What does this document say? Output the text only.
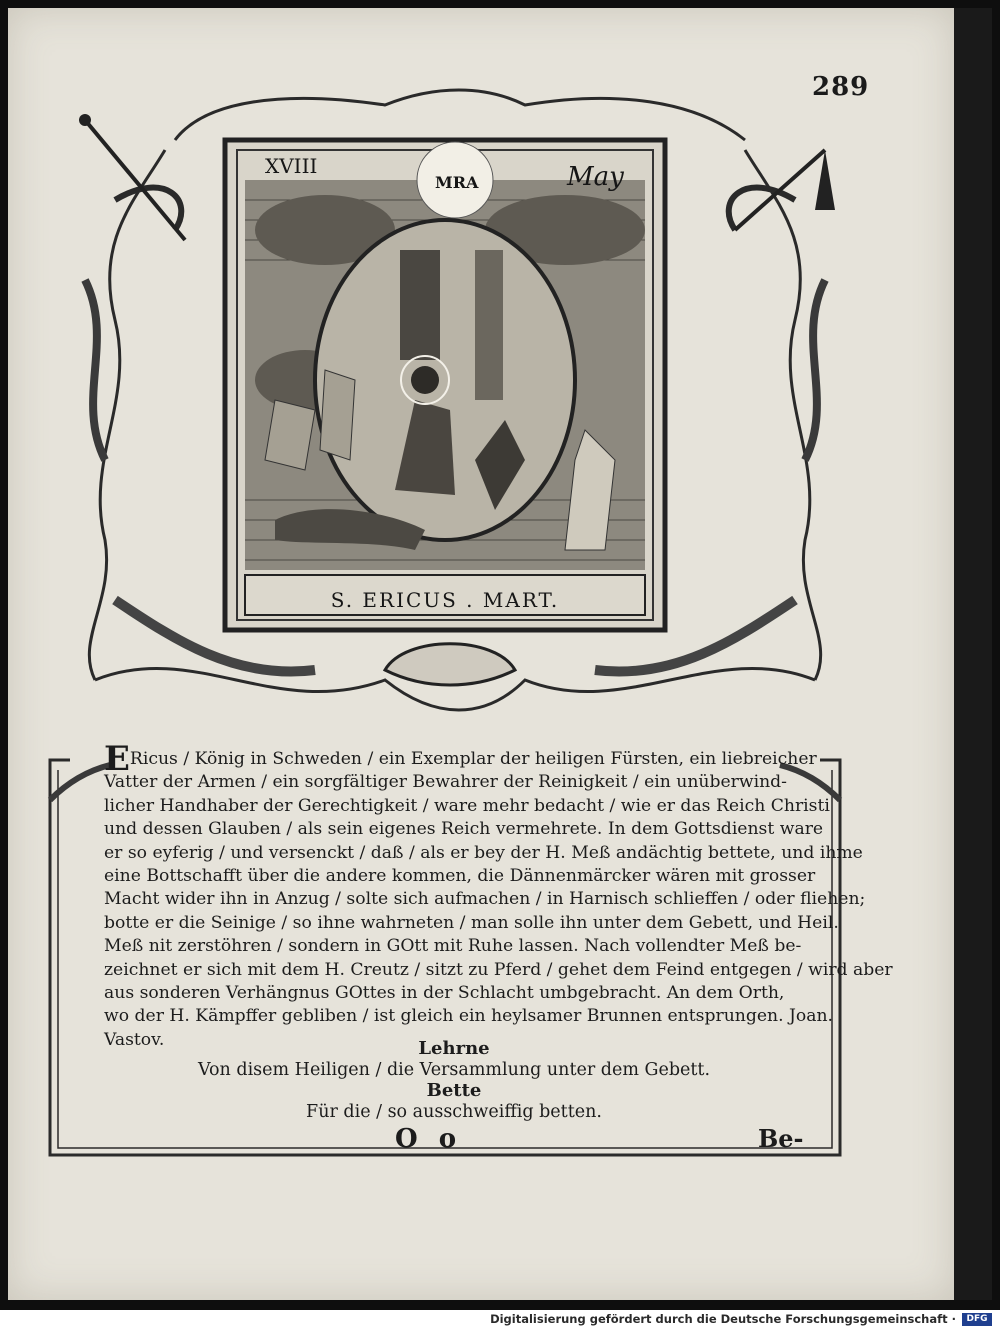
289
XVIII
MRA	May
S. ERICUS . MART.
ERicus / König in Schweden / ein Exemplar der heiligen Fürsten, ein liebreicher
Vatter der Armen / ein sorgfältiger Bewahrer der Reinigkeit / ein unüberwind-
licher Handhaber der Gerechtigkeit / ware mehr bedacht / wie er das Reich Christi
und dessen Glauben / als sein eigenes Reich vermehrete. In dem Gottsdienst ware
er so eyferig / und versenckt / daß / als er bey der H. Meß andächtig bettete, und ihme
eine Bottschafft über die andere kommen, die Dännenmärcker wären mit grosser
Macht wider ihn in Anzug / solte sich aufmachen / in Harnisch schlieffen / oder fliehen;
botte er die Seinige / so ihne wahrneten / man solle ihn unter dem Gebett, und Heil.
Meß nit zerstöhren / sondern in GOtt mit Ruhe lassen. Nach vollendter Meß be-
zeichnet er sich mit dem H. Creutz / sitzt zu Pferd / gehet dem Feind entgegen / wird aber
aus sonderen Verhängnus GOttes in der Schlacht umbgebracht. An dem Orth,
wo der H. Kämpffer gebliben / ist gleich ein heylsamer Brunnen entsprungen. Joan.
Vastov.	Lehrne
Von disem Heiligen / die Versammlung unter dem Gebett.
Bette
Für die / so ausschweiffig betten.
O o	Be-
Digitalisierung gefördert durch die Deutsche Forschungsgemeinschaft ·	DFG
